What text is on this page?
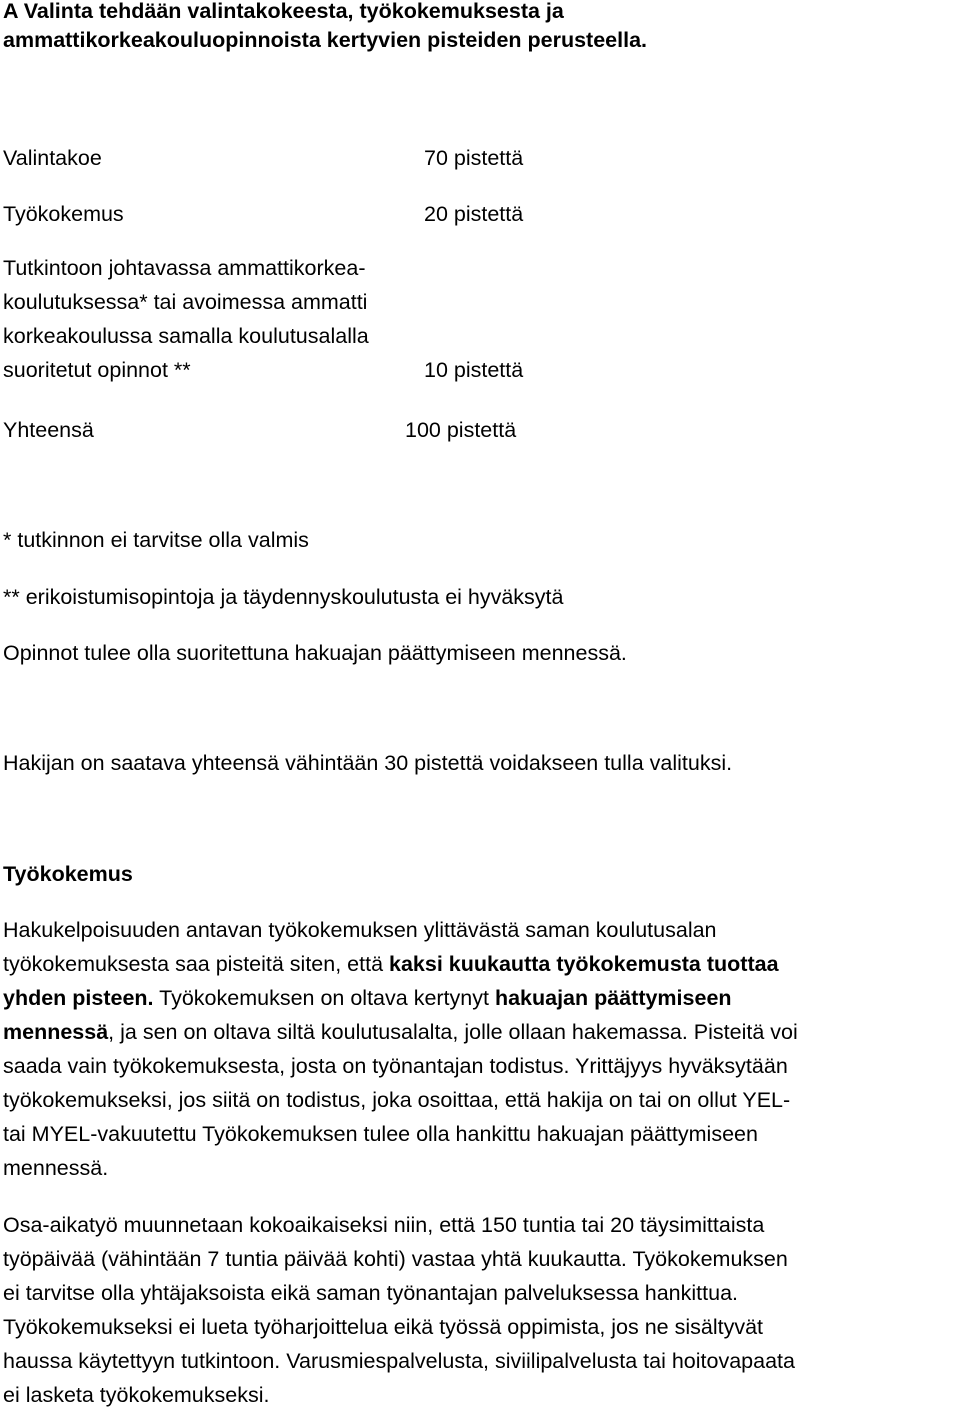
A Valinta tehdään valintakokeesta, työkokemuksesta ja
ammattikorkeakouluopinnoista kertyvien pisteiden perusteella.
Valintakoe	70 pistettä
Työkokemus	20 pistettä
Tutkintoon johtavassa ammattikorkea-
koulutuksessa* tai avoimessa ammatti
korkeakoulussa samalla koulutusalalla
suoritetut opinnot **	10 pistettä
Yhteensä	100 pistettä
* tutkinnon ei tarvitse olla valmis
** erikoistumisopintoja ja täydennyskoulutusta ei hyväksytä
Opinnot tulee olla suoritettuna hakuajan päättymiseen mennessä.
Hakijan on saatava yhteensä vähintään 30 pistettä voidakseen tulla valituksi.
Työkokemus
Hakukelpoisuuden antavan työkokemuksen ylittävästä saman koulutusalan
työkokemuksesta saa pisteitä siten, että kaksi kuukautta työkokemusta tuottaa
yhden pisteen. Työkokemuksen on oltava kertynyt hakuajan päättymiseen
mennessä, ja sen on oltava siltä koulutusalalta, jolle ollaan hakemassa. Pisteitä voi
saada vain työkokemuksesta, josta on työnantajan todistus. Yrittäjyys hyväksytään
työkokemukseksi, jos siitä on todistus, joka osoittaa, että hakija on tai on ollut YEL-
tai MYEL-vakuutettu Työkokemuksen tulee olla hankittu hakuajan päättymiseen
mennessä.
Osa-aikatyö muunnetaan kokoaikaiseksi niin, että 150 tuntia tai 20 täysimittaista
työpäivää (vähintään 7 tuntia päivää kohti) vastaa yhtä kuukautta. Työkokemuksen
ei tarvitse olla yhtäjaksoista eikä saman työnantajan palveluksessa hankittua.
Työkokemukseksi ei lueta työharjoittelua eikä työssä oppimista, jos ne sisältyvät
haussa käytettyyn tutkintoon. Varusmiespalvelusta, siviilipalvelusta tai hoitovapaata
ei lasketa työkokemukseksi.
